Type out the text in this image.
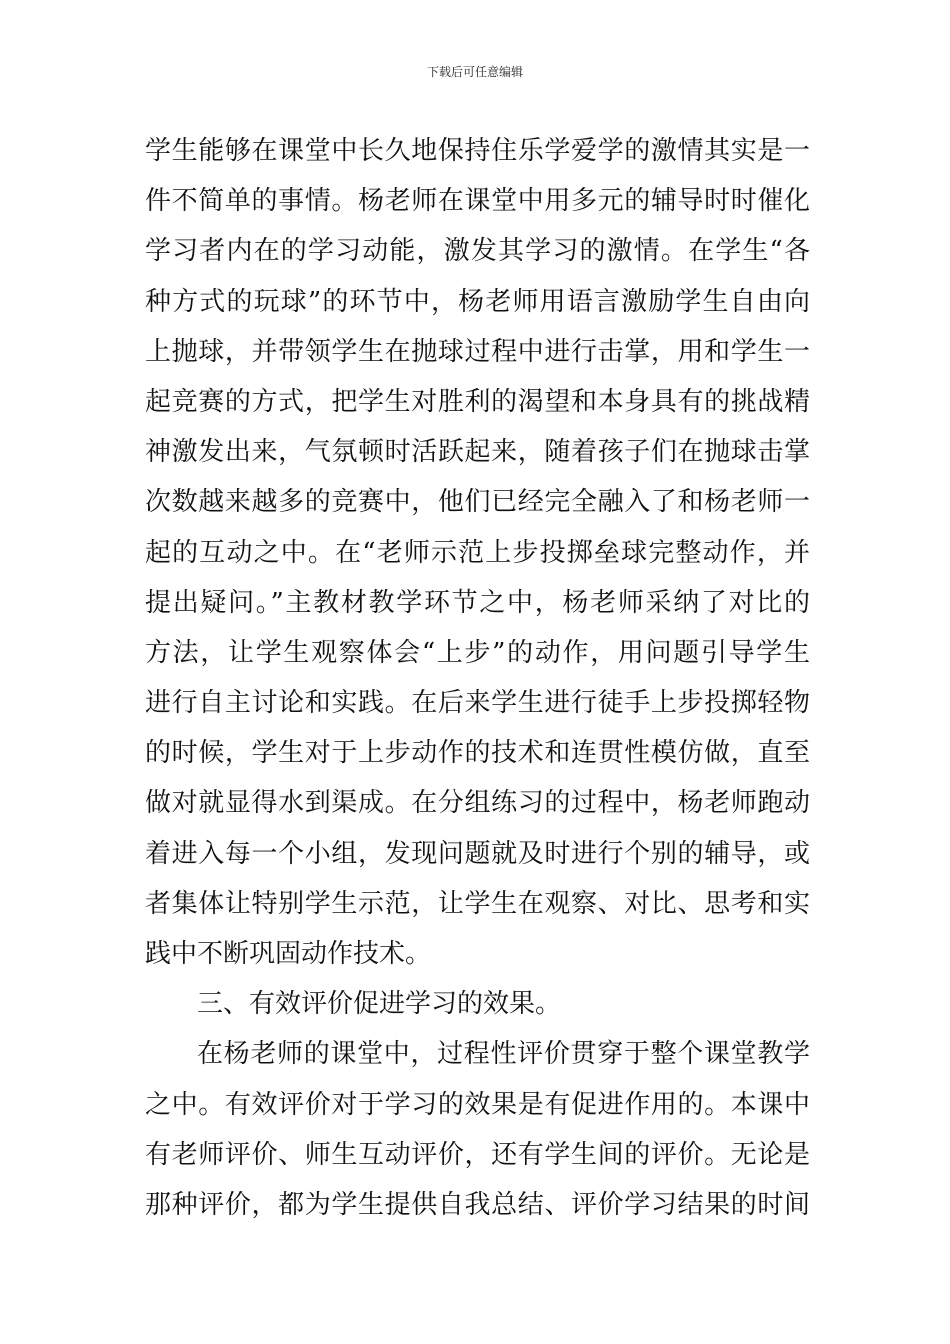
下载后可任意编辑
学生能够在课堂中长久地保持住乐学爱学的激情其实是一
件不简单的事情。杨老师在课堂中用多元的辅导时时催化
学习者内在的学习动能，激发其学习的激情。在学生“各
种方式的玩球”的环节中，杨老师用语言激励学生自由向
上抛球，并带领学生在抛球过程中进行击掌，用和学生一
起竞赛的方式，把学生对胜利的渴望和本身具有的挑战精
神激发出来，气氛顿时活跃起来，随着孩子们在抛球击掌
次数越来越多的竞赛中，他们已经完全融入了和杨老师一
起的互动之中。在“老师示范上步投掷垒球完整动作，并
提出疑问。”主教材教学环节之中，杨老师采纳了对比的
方法，让学生观察体会“上步”的动作，用问题引导学生
进行自主讨论和实践。在后来学生进行徒手上步投掷轻物
的时候，学生对于上步动作的技术和连贯性模仿做，直至
做对就显得水到渠成。在分组练习的过程中，杨老师跑动
着进入每一个小组，发现问题就及时进行个别的辅导，或
者集体让特别学生示范，让学生在观察、对比、思考和实
践中不断巩固动作技术。
三、有效评价促进学习的效果。
在杨老师的课堂中，过程性评价贯穿于整个课堂教学
之中。有效评价对于学习的效果是有促进作用的。本课中
有老师评价、师生互动评价，还有学生间的评价。无论是
那种评价，都为学生提供自我总结、评价学习结果的时间
